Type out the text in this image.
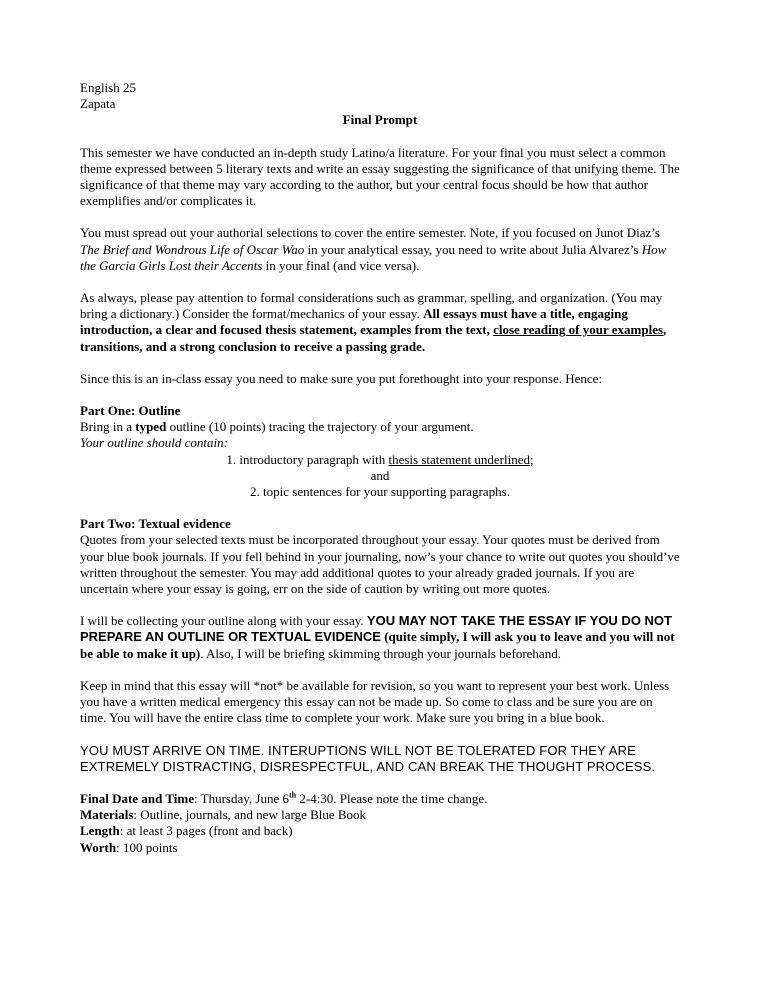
English 25

Zapata

Final Prompt

This semester we have conducted an in-depth study Latino/a literature. For your final you must select a common theme expressed between 5 literary texts and write an essay suggesting the significance of that unifying theme. The significance of that theme may vary according to the author, but your central focus should be how that author exemplifies and/or complicates it.

You must spread out your authorial selections to cover the entire semester. Note, if you focused on Junot Diaz’s The Brief and Wondrous Life of Oscar Wao in your analytical essay, you need to write about Julia Alvarez’s How the Garcia Girls Lost their Accents in your final (and vice versa).

As always, please pay attention to formal considerations such as grammar, spelling, and organization. (You may bring a dictionary.) Consider the format/mechanics of your essay. All essays must have a title, engaging introduction, a clear and focused thesis statement, examples from the text, close reading of your examples, transitions, and a strong conclusion to receive a passing grade.

Since this is an in-class essay you need to make sure you put forethought into your response. Hence:

Part One: Outline

Bring in a typed outline (10 points) tracing the trajectory of your argument.

Your outline should contain:

1. introductory paragraph with thesis statement underlined;

and

2. topic sentences for your supporting paragraphs.

Part Two: Textual evidence

Quotes from your selected texts must be incorporated throughout your essay. Your quotes must be derived from your blue book journals. If you fell behind in your journaling, now’s your chance to write out quotes you should’ve written throughout the semester. You may add additional quotes to your already graded journals. If you are uncertain where your essay is going, err on the side of caution by writing out more quotes.

I will be collecting your outline along with your essay. YOU MAY NOT TAKE THE ESSAY IF YOU DO NOT PREPARE AN OUTLINE OR TEXTUAL EVIDENCE (quite simply, I will ask you to leave and you will not be able to make it up). Also, I will be briefing skimming through your journals beforehand.

Keep in mind that this essay will *not* be available for revision, so you want to represent your best work. Unless you have a written medical emergency this essay can not be made up. So come to class and be sure you are on time. You will have the entire class time to complete your work. Make sure you bring in a blue book.

YOU MUST ARRIVE ON TIME. INTERUPTIONS WILL NOT BE TOLERATED FOR THEY ARE EXTREMELY DISTRACTING, DISRESPECTFUL, AND CAN BREAK THE THOUGHT PROCESS.

Final Date and Time: Thursday, June 6th 2-4:30. Please note the time change.

Materials: Outline, journals, and new large Blue Book

Length: at least 3 pages (front and back)

Worth: 100 points
